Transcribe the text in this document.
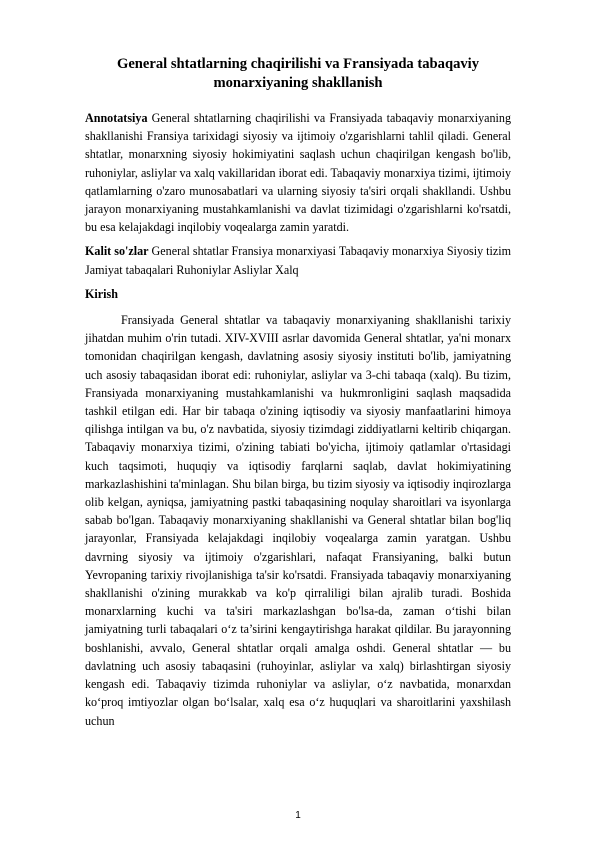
General shtatlarning chaqirilishi va Fransiyada tabaqaviy monarxiyaning shakllanish

Annotatsiya General shtatlarning chaqirilishi va Fransiyada tabaqaviy monarxiyaning shakllanishi Fransiya tarixidagi siyosiy va ijtimoiy o'zgarishlarni tahlil qiladi. General shtatlar, monarxning siyosiy hokimiyatini saqlash uchun chaqirilgan kengash bo'lib, ruhoniylar, asliylar va xalq vakillaridan iborat edi. Tabaqaviy monarxiya tizimi, ijtimoiy qatlamlarning o'zaro munosabatlari va ularning siyosiy ta'siri orqali shakllandi. Ushbu jarayon monarxiyaning mustahkamlanishi va davlat tizimidagi o'zgarishlarni ko'rsatdi, bu esa kelajakdagi inqilobiy voqealarga zamin yaratdi.

Kalit so'zlar General shtatlar Fransiya monarxiyasi Tabaqaviy monarxiya Siyosiy tizim Jamiyat tabaqalari Ruhoniylar Asliylar Xalq

Kirish

Fransiyada General shtatlar va tabaqaviy monarxiyaning shakllanishi tarixiy jihatdan muhim o'rin tutadi. XIV-XVIII asrlar davomida General shtatlar, ya'ni monarx tomonidan chaqirilgan kengash, davlatning asosiy siyosiy instituti bo'lib, jamiyatning uch asosiy tabaqasidan iborat edi: ruhoniylar, asliylar va 3-chi tabaqa (xalq). Bu tizim, Fransiyada monarxiyaning mustahkamlanishi va hukmronligini saqlash maqsadida tashkil etilgan edi. Har bir tabaqa o'zining iqtisodiy va siyosiy manfaatlarini himoya qilishga intilgan va bu, o'z navbatida, siyosiy tizimdagi ziddiyatlarni keltirib chiqargan. Tabaqaviy monarxiya tizimi, o'zining tabiati bo'yicha, ijtimoiy qatlamlar o'rtasidagi kuch taqsimoti, huquqiy va iqtisodiy farqlarni saqlab, davlat hokimiyatining markazlashishini ta'minlagan. Shu bilan birga, bu tizim siyosiy va iqtisodiy inqirozlarga olib kelgan, ayniqsa, jamiyatning pastki tabaqasining noqulay sharoitlari va isyonlarga sabab bo'lgan. Tabaqaviy monarxiyaning shakllanishi va General shtatlar bilan bog'liq jarayonlar, Fransiyada kelajakdagi inqilobiy voqealarga zamin yaratgan. Ushbu davrning siyosiy va ijtimoiy o'zgarishlari, nafaqat Fransiyaning, balki butun Yevropaning tarixiy rivojlanishiga ta'sir ko'rsatdi. Fransiyada tabaqaviy monarxiyaning shakllanishi o'zining murakkab va ko'p qirraliligi bilan ajralib turadi. Boshida monarxlarning kuchi va ta'siri markazlashgan bo'lsa-da, zaman o‘tishi bilan jamiyatning turli tabaqalari o‘z ta’sirini kengaytirishga harakat qildilar. Bu jarayonning boshlanishi, avvalo, General shtatlar orqali amalga oshdi. General shtatlar — bu davlatning uch asosiy tabaqasini (ruhoyinlar, asliylar va xalq) birlashtirgan siyosiy kengash edi. Tabaqaviy tizimda ruhoniylar va asliylar, o‘z navbatida, monarxdan ko‘proq imtiyozlar olgan bo‘lsalar, xalq esa o‘z huquqlari va sharoitlarini yaxshilash uchun

1
